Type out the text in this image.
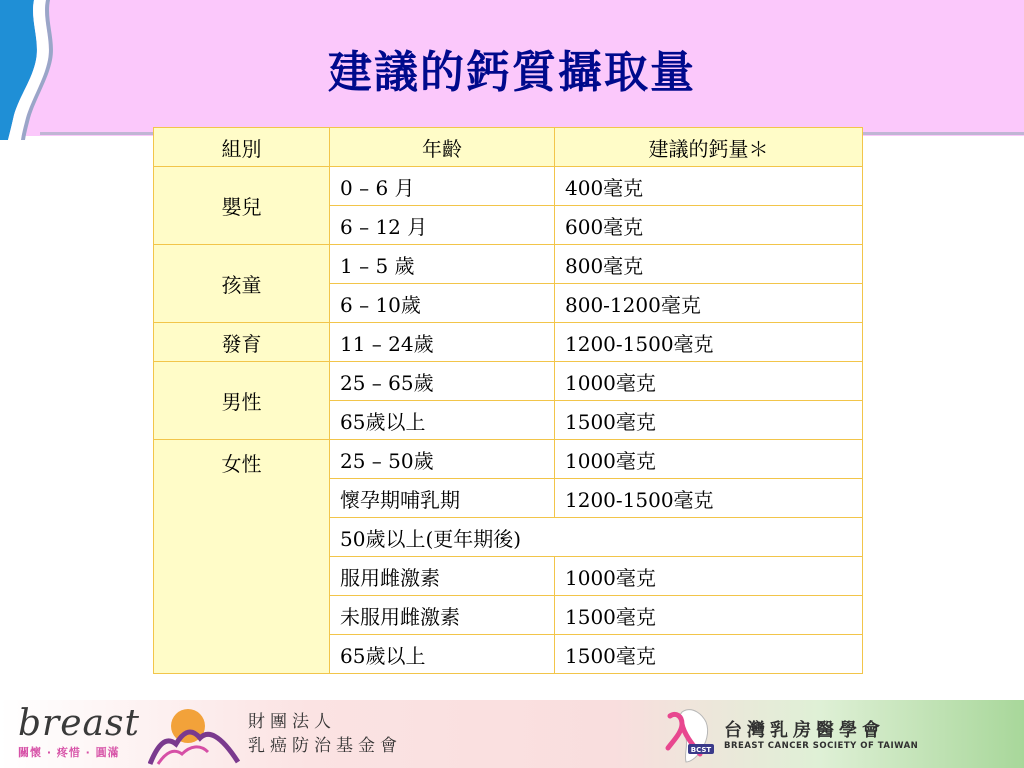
建議的鈣質攝取量
組別	年齡	建議的鈣量＊
嬰兒	0 – 6 月	400毫克
	6 – 12 月	600毫克
孩童	1 – 5 歲	800毫克
	6 – 10歲	800-1200毫克
發育	11 – 24歲	1200-1500毫克
男性	25 – 65歲	1000毫克
	65歲以上	1500毫克
女性	25 – 50歲	1000毫克
	懷孕期哺乳期	1200-1500毫克
	50歲以上(更年期後)	
	服用雌激素	1000毫克
	未服用雌激素	1500毫克
	65歲以上	1500毫克
breast
關懷 · 疼惜 · 圓滿
財團法人
乳癌防治基金會	BCST
台灣乳房醫學會
BREAST CANCER SOCIETY OF TAIWAN
